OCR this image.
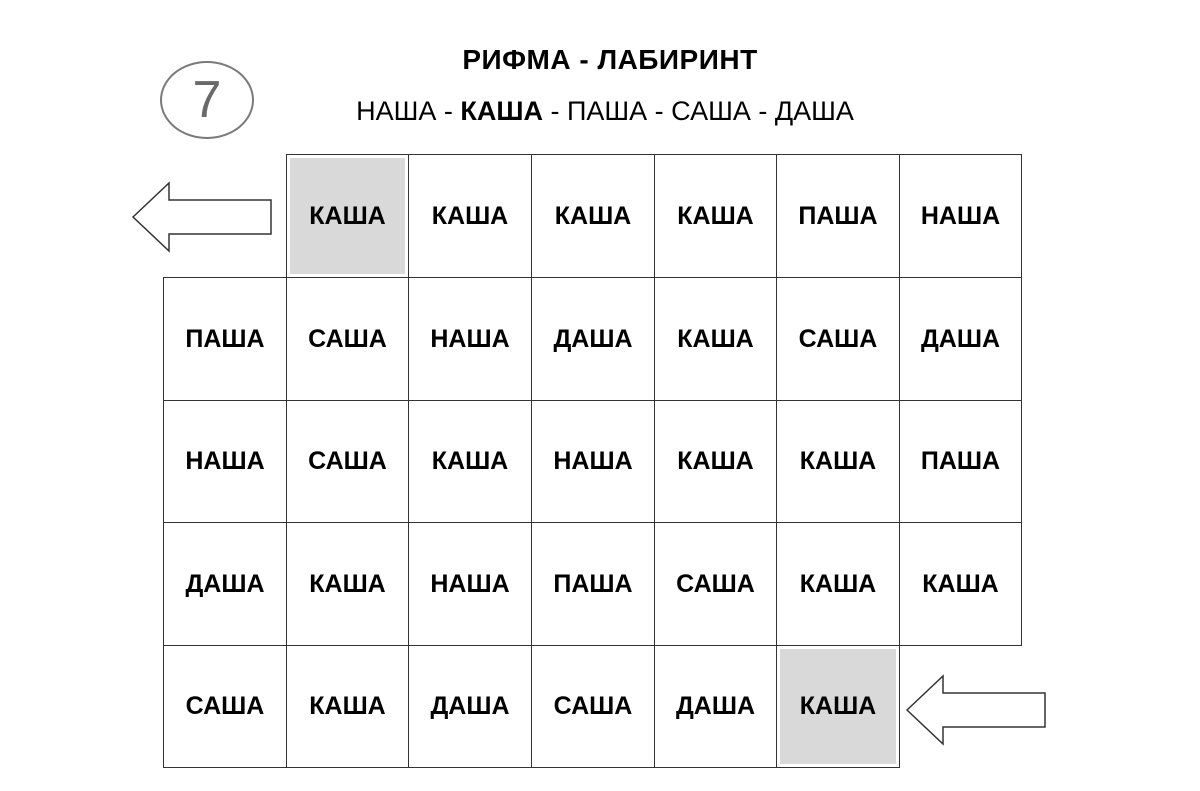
7
РИФМА - ЛАБИРИНТ
НАША - КАША - ПАША - САША - ДАША
КАША КАША КАША КАША ПАША НАША
ПАША САША НАША ДАША КАША САША ДАША
НАША САША КАША НАША КАША КАША ПАША
ДАША КАША НАША ПАША САША КАША КАША
САША КАША ДАША САША ДАША КАША
